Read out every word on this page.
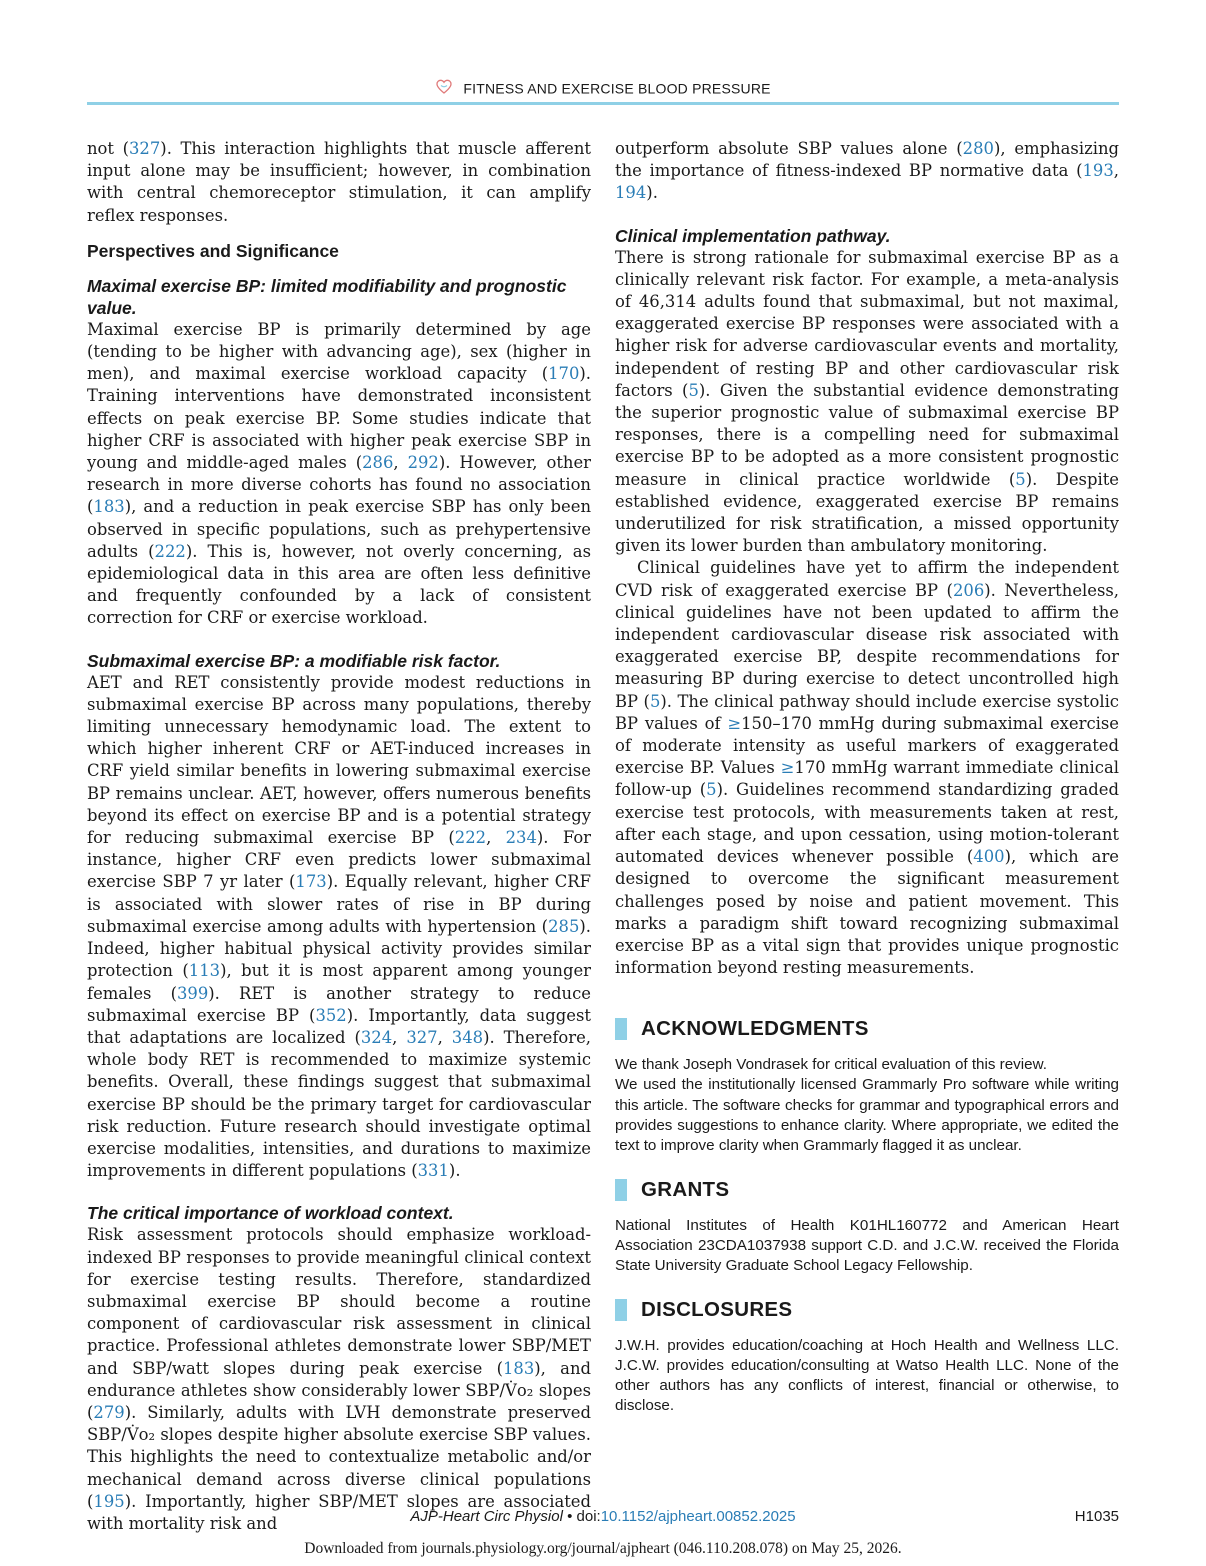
FITNESS AND EXERCISE BLOOD PRESSURE

not (327). This interaction highlights that muscle afferent input alone may be insufficient; however, in combination with central chemoreceptor stimulation, it can amplify reflex responses.

Perspectives and Significance

Maximal exercise BP: limited modifiability and prognostic value.

Maximal exercise BP is primarily determined by age (tending to be higher with advancing age), sex (higher in men), and maximal exercise workload capacity (170). Training interventions have demonstrated inconsistent effects on peak exercise BP. Some studies indicate that higher CRF is associated with higher peak exercise SBP in young and middle-aged males (286, 292). However, other research in more diverse cohorts has found no association (183), and a reduction in peak exercise SBP has only been observed in specific populations, such as prehypertensive adults (222). This is, however, not overly concerning, as epidemiological data in this area are often less definitive and frequently confounded by a lack of consistent correction for CRF or exercise workload.

Submaximal exercise BP: a modifiable risk factor.

AET and RET consistently provide modest reductions in submaximal exercise BP across many populations, thereby limiting unnecessary hemodynamic load. The extent to which higher inherent CRF or AET-induced increases in CRF yield similar benefits in lowering submaximal exercise BP remains unclear. AET, however, offers numerous benefits beyond its effect on exercise BP and is a potential strategy for reducing submaximal exercise BP (222, 234). For instance, higher CRF even predicts lower submaximal exercise SBP 7 yr later (173). Equally relevant, higher CRF is associated with slower rates of rise in BP during submaximal exercise among adults with hypertension (285). Indeed, higher habitual physical activity provides similar protection (113), but it is most apparent among younger females (399). RET is another strategy to reduce submaximal exercise BP (352). Importantly, data suggest that adaptations are localized (324, 327, 348). Therefore, whole body RET is recommended to maximize systemic benefits. Overall, these findings suggest that submaximal exercise BP should be the primary target for cardiovascular risk reduction. Future research should investigate optimal exercise modalities, intensities, and durations to maximize improvements in different populations (331).

The critical importance of workload context.

Risk assessment protocols should emphasize workload-indexed BP responses to provide meaningful clinical context for exercise testing results. Therefore, standardized submaximal exercise BP should become a routine component of cardiovascular risk assessment in clinical practice. Professional athletes demonstrate lower SBP/MET and SBP/watt slopes during peak exercise (183), and endurance athletes show considerably lower SBP/V̇o₂ slopes (279). Similarly, adults with LVH demonstrate preserved SBP/V̇o₂ slopes despite higher absolute exercise SBP values. This highlights the need to contextualize metabolic and/or mechanical demand across diverse clinical populations (195). Importantly, higher SBP/MET slopes are associated with mortality risk and

outperform absolute SBP values alone (280), emphasizing the importance of fitness-indexed BP normative data (193, 194).

Clinical implementation pathway.

There is strong rationale for submaximal exercise BP as a clinically relevant risk factor. For example, a meta-analysis of 46,314 adults found that submaximal, but not maximal, exaggerated exercise BP responses were associated with a higher risk for adverse cardiovascular events and mortality, independent of resting BP and other cardiovascular risk factors (5). Given the substantial evidence demonstrating the superior prognostic value of submaximal exercise BP responses, there is a compelling need for submaximal exercise BP to be adopted as a more consistent prognostic measure in clinical practice worldwide (5). Despite established evidence, exaggerated exercise BP remains underutilized for risk stratification, a missed opportunity given its lower burden than ambulatory monitoring.

Clinical guidelines have yet to affirm the independent CVD risk of exaggerated exercise BP (206). Nevertheless, clinical guidelines have not been updated to affirm the independent cardiovascular disease risk associated with exaggerated exercise BP, despite recommendations for measuring BP during exercise to detect uncontrolled high BP (5). The clinical pathway should include exercise systolic BP values of ≥150–170 mmHg during submaximal exercise of moderate intensity as useful markers of exaggerated exercise BP. Values ≥170 mmHg warrant immediate clinical follow-up (5). Guidelines recommend standardizing graded exercise test protocols, with measurements taken at rest, after each stage, and upon cessation, using motion-tolerant automated devices whenever possible (400), which are designed to overcome the significant measurement challenges posed by noise and patient movement. This marks a paradigm shift toward recognizing submaximal exercise BP as a vital sign that provides unique prognostic information beyond resting measurements.

ACKNOWLEDGMENTS

We thank Joseph Vondrasek for critical evaluation of this review.

We used the institutionally licensed Grammarly Pro software while writing this article. The software checks for grammar and typographical errors and provides suggestions to enhance clarity. Where appropriate, we edited the text to improve clarity when Grammarly flagged it as unclear.

GRANTS

National Institutes of Health K01HL160772 and American Heart Association 23CDA1037938 support C.D. and J.C.W. received the Florida State University Graduate School Legacy Fellowship.

DISCLOSURES

J.W.H. provides education/coaching at Hoch Health and Wellness LLC. J.C.W. provides education/consulting at Watso Health LLC. None of the other authors has any conflicts of interest, financial or otherwise, to disclose.

AJP-Heart Circ Physiol • doi:10.1152/ajpheart.00852.2025	H1035
Downloaded from journals.physiology.org/journal/ajpheart (046.110.208.078) on May 25, 2026.
